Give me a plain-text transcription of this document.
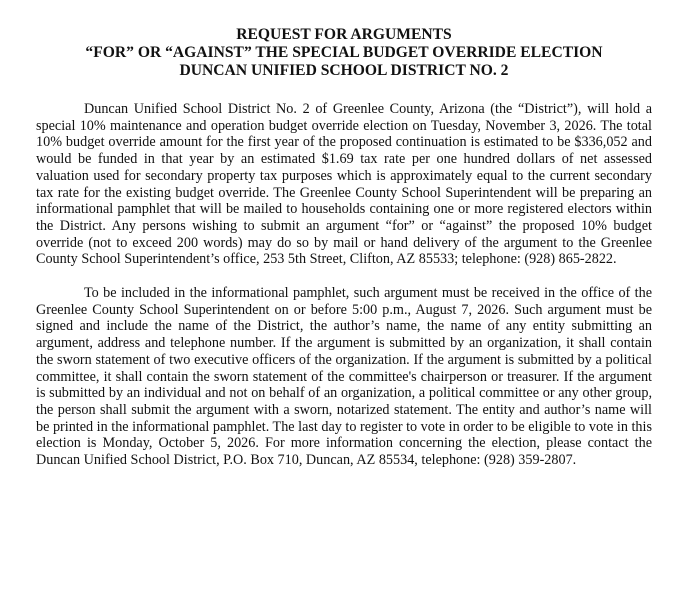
REQUEST FOR ARGUMENTS
“FOR” OR “AGAINST” THE SPECIAL BUDGET OVERRIDE ELECTION
DUNCAN UNIFIED SCHOOL DISTRICT NO. 2

Duncan Unified School District No. 2 of Greenlee County, Arizona (the “District”), will hold a special 10% maintenance and operation budget override election on Tuesday, November 3, 2026. The total 10% budget override amount for the first year of the proposed continuation is estimated to be $336,052 and would be funded in that year by an estimated $1.69 tax rate per one hundred dollars of net assessed valuation used for secondary property tax purposes which is approximately equal to the current secondary tax rate for the existing budget override. The Greenlee County School Superintendent will be preparing an informational pamphlet that will be mailed to households containing one or more registered electors within the District. Any persons wishing to submit an argument “for” or “against” the proposed 10% budget override (not to exceed 200 words) may do so by mail or hand delivery of the argument to the Greenlee County School Superintendent’s office, 253 5th Street, Clifton, AZ 85533; telephone: (928) 865-2822.

To be included in the informational pamphlet, such argument must be received in the office of the Greenlee County School Superintendent on or before 5:00 p.m., August 7, 2026. Such argument must be signed and include the name of the District, the author’s name, the name of any entity submitting an argument, address and telephone number. If the argument is submitted by an organization, it shall contain the sworn statement of two executive officers of the organization. If the argument is submitted by a political committee, it shall contain the sworn statement of the committee's chairperson or treasurer. If the argument is submitted by an individual and not on behalf of an organization, a political committee or any other group, the person shall submit the argument with a sworn, notarized statement. The entity and author’s name will be printed in the informational pamphlet. The last day to register to vote in order to be eligible to vote in this election is Monday, October 5, 2026. For more information concerning the election, please contact the Duncan Unified School District, P.O. Box 710, Duncan, AZ 85534, telephone: (928) 359-2807.
